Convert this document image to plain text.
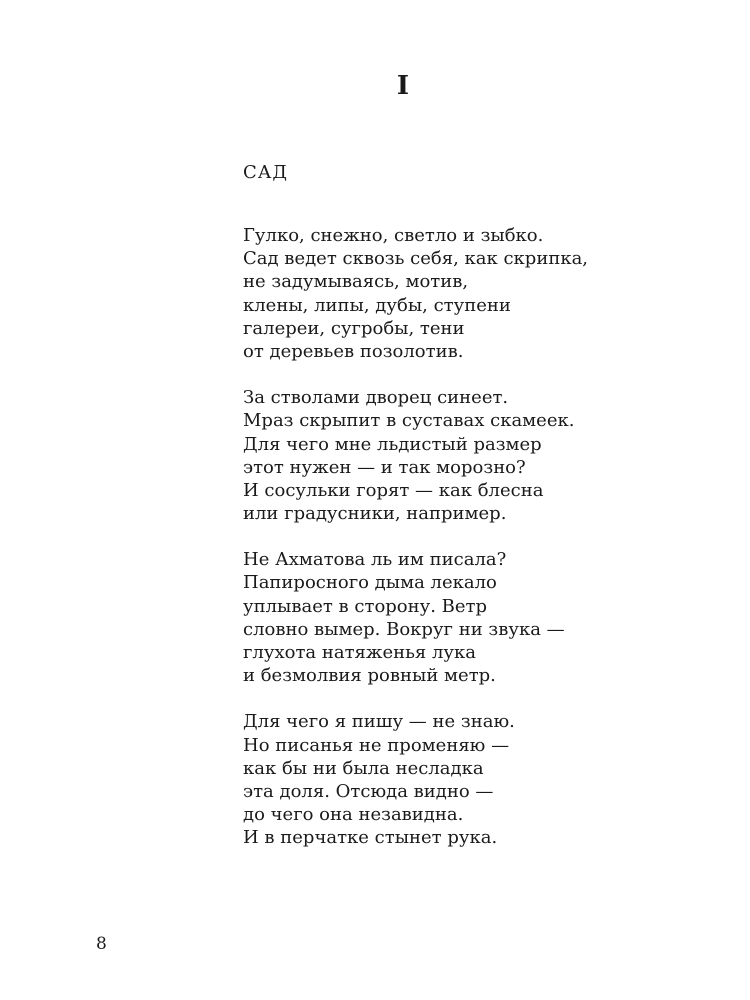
I
САД
Гулко, снежно, светло и зыбко.
Сад ведет сквозь себя, как скрипка,
не задумываясь, мотив,
клены, липы, дубы, ступени
галереи, сугробы, тени
от деревьев позолотив.
За стволами дворец синеет.
Мраз скрыпит в суставах скамеек.
Для чего мне льдистый размер
этот нужен — и так морозно?
И сосульки горят — как блесна
или градусники, например.
Не Ахматова ль им писала?
Папиросного дыма лекало
уплывает в сторону. Ветр
словно вымер. Вокруг ни звука —
глухота натяженья лука
и безмолвия ровный метр.
Для чего я пишу — не знаю.
Но писанья не променяю —
как бы ни была несладка
эта доля. Отсюда видно —
до чего она незавидна.
И в перчатке стынет рука.
8
